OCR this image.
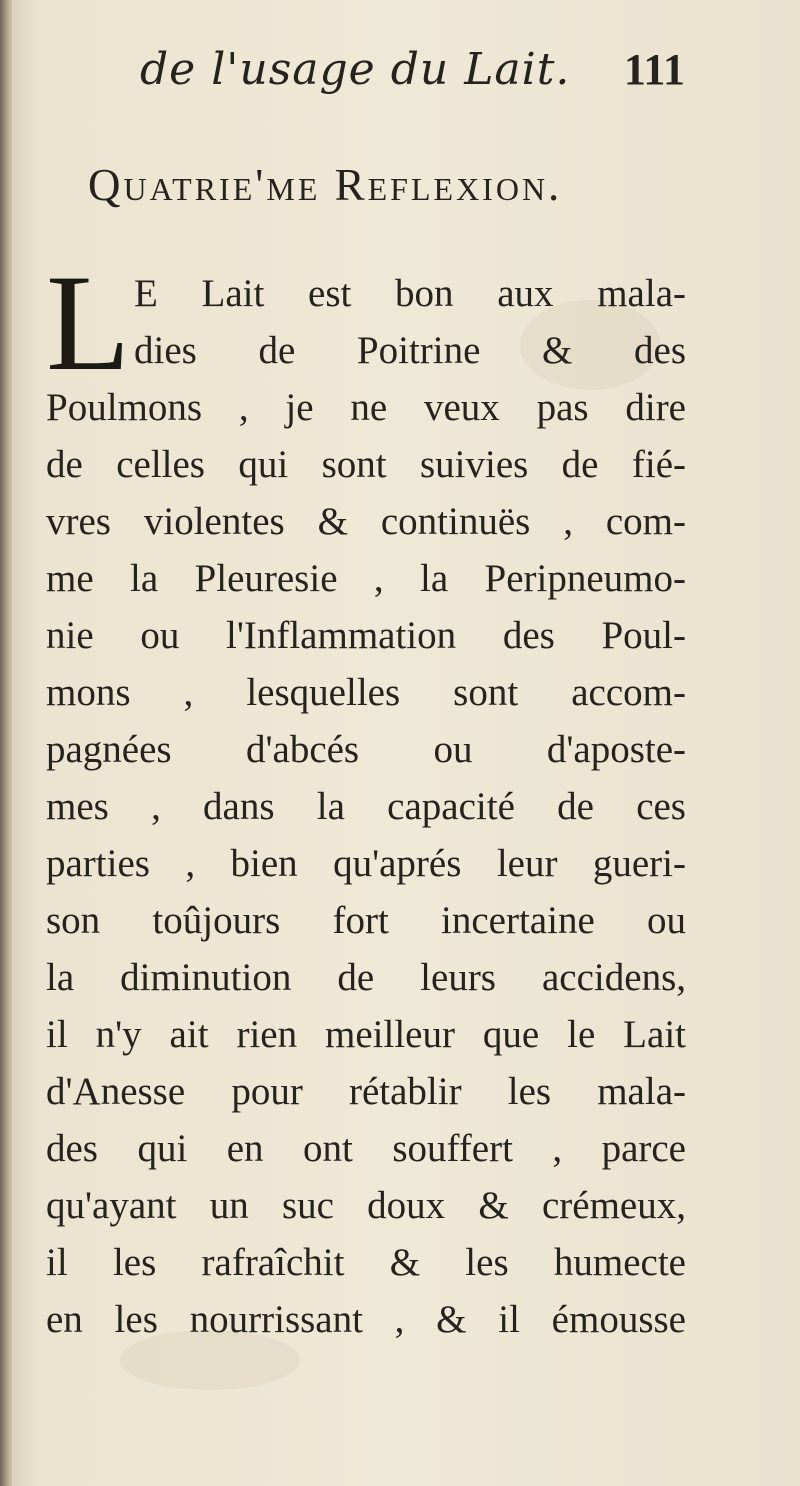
de l'usage du Lait. 111
Quatrie'me Reflexion.
L E Lait est bon aux mala-
dies de Poitrine & des
Poulmons , je ne veux pas dire
de celles qui sont suivies de fié-
vres violentes & continuës , com-
me la Pleuresie , la Peripneumo-
nie ou l'Inflammation des Poul-
mons , lesquelles sont accom-
pagnées d'abcés ou d'aposte-
mes , dans la capacité de ces
parties , bien qu'aprés leur gueri-
son toûjours fort incertaine ou
la diminution de leurs accidens,
il n'y ait rien meilleur que le Lait
d'Anesse pour rétablir les mala-
des qui en ont souffert , parce
qu'ayant un suc doux & crémeux,
il les rafraîchit & les humecte
en les nourrissant , & il émousse
